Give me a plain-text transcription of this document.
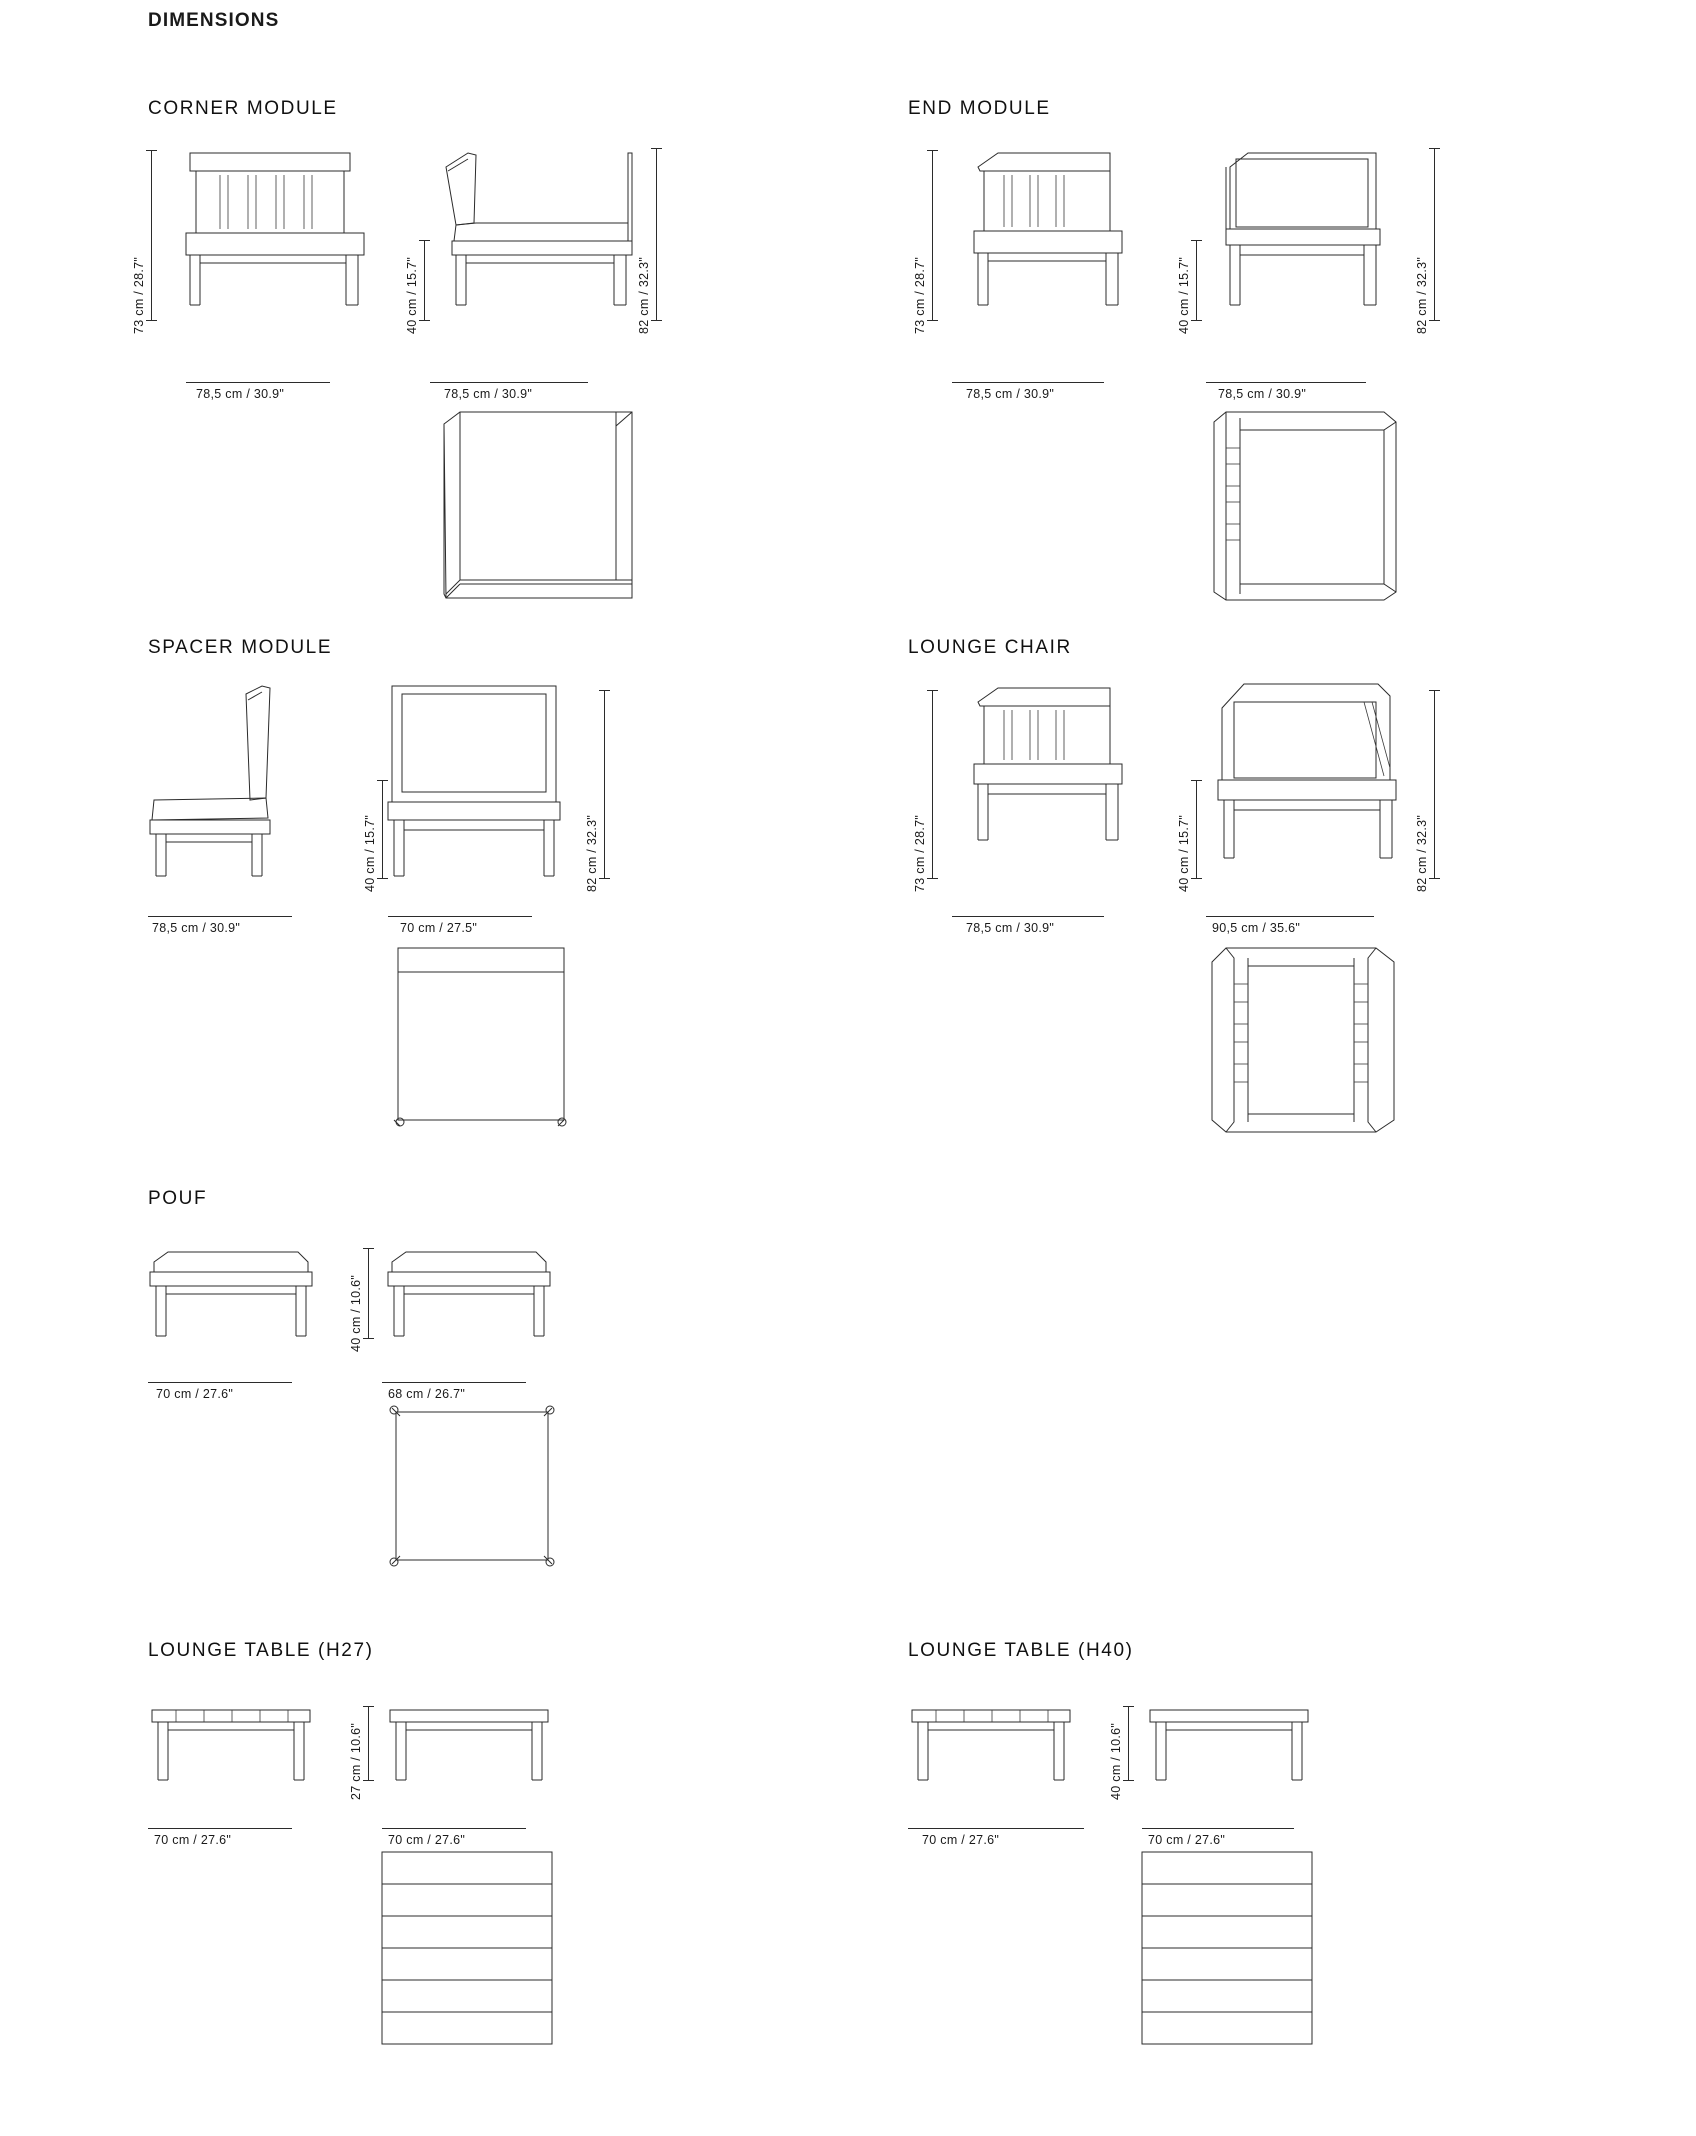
DIMENSIONS
CORNER MODULE
73 cm / 28.7"
78,5 cm / 30.9"
40 cm / 15.7"
78,5 cm / 30.9"
82 cm / 32.3"
END MODULE
73 cm / 28.7"
78,5 cm / 30.9"
40 cm / 15.7"
78,5 cm / 30.9"
82 cm / 32.3"
SPACER MODULE
78,5 cm / 30.9"
40 cm / 15.7"	82 cm / 32.3"
70 cm / 27.5"
LOUNGE CHAIR
73 cm / 28.7"
78,5 cm / 30.9"
40 cm / 15.7"	82 cm / 32.3"
90,5 cm / 35.6"
POUF
70 cm / 27.6"
40 cm / 10.6"
68 cm / 26.7"
LOUNGE TABLE (H27)
70 cm / 27.6"
27 cm / 10.6"
70 cm / 27.6"
LOUNGE TABLE (H40)
70 cm / 27.6"
40 cm / 10.6"
70 cm / 27.6"
